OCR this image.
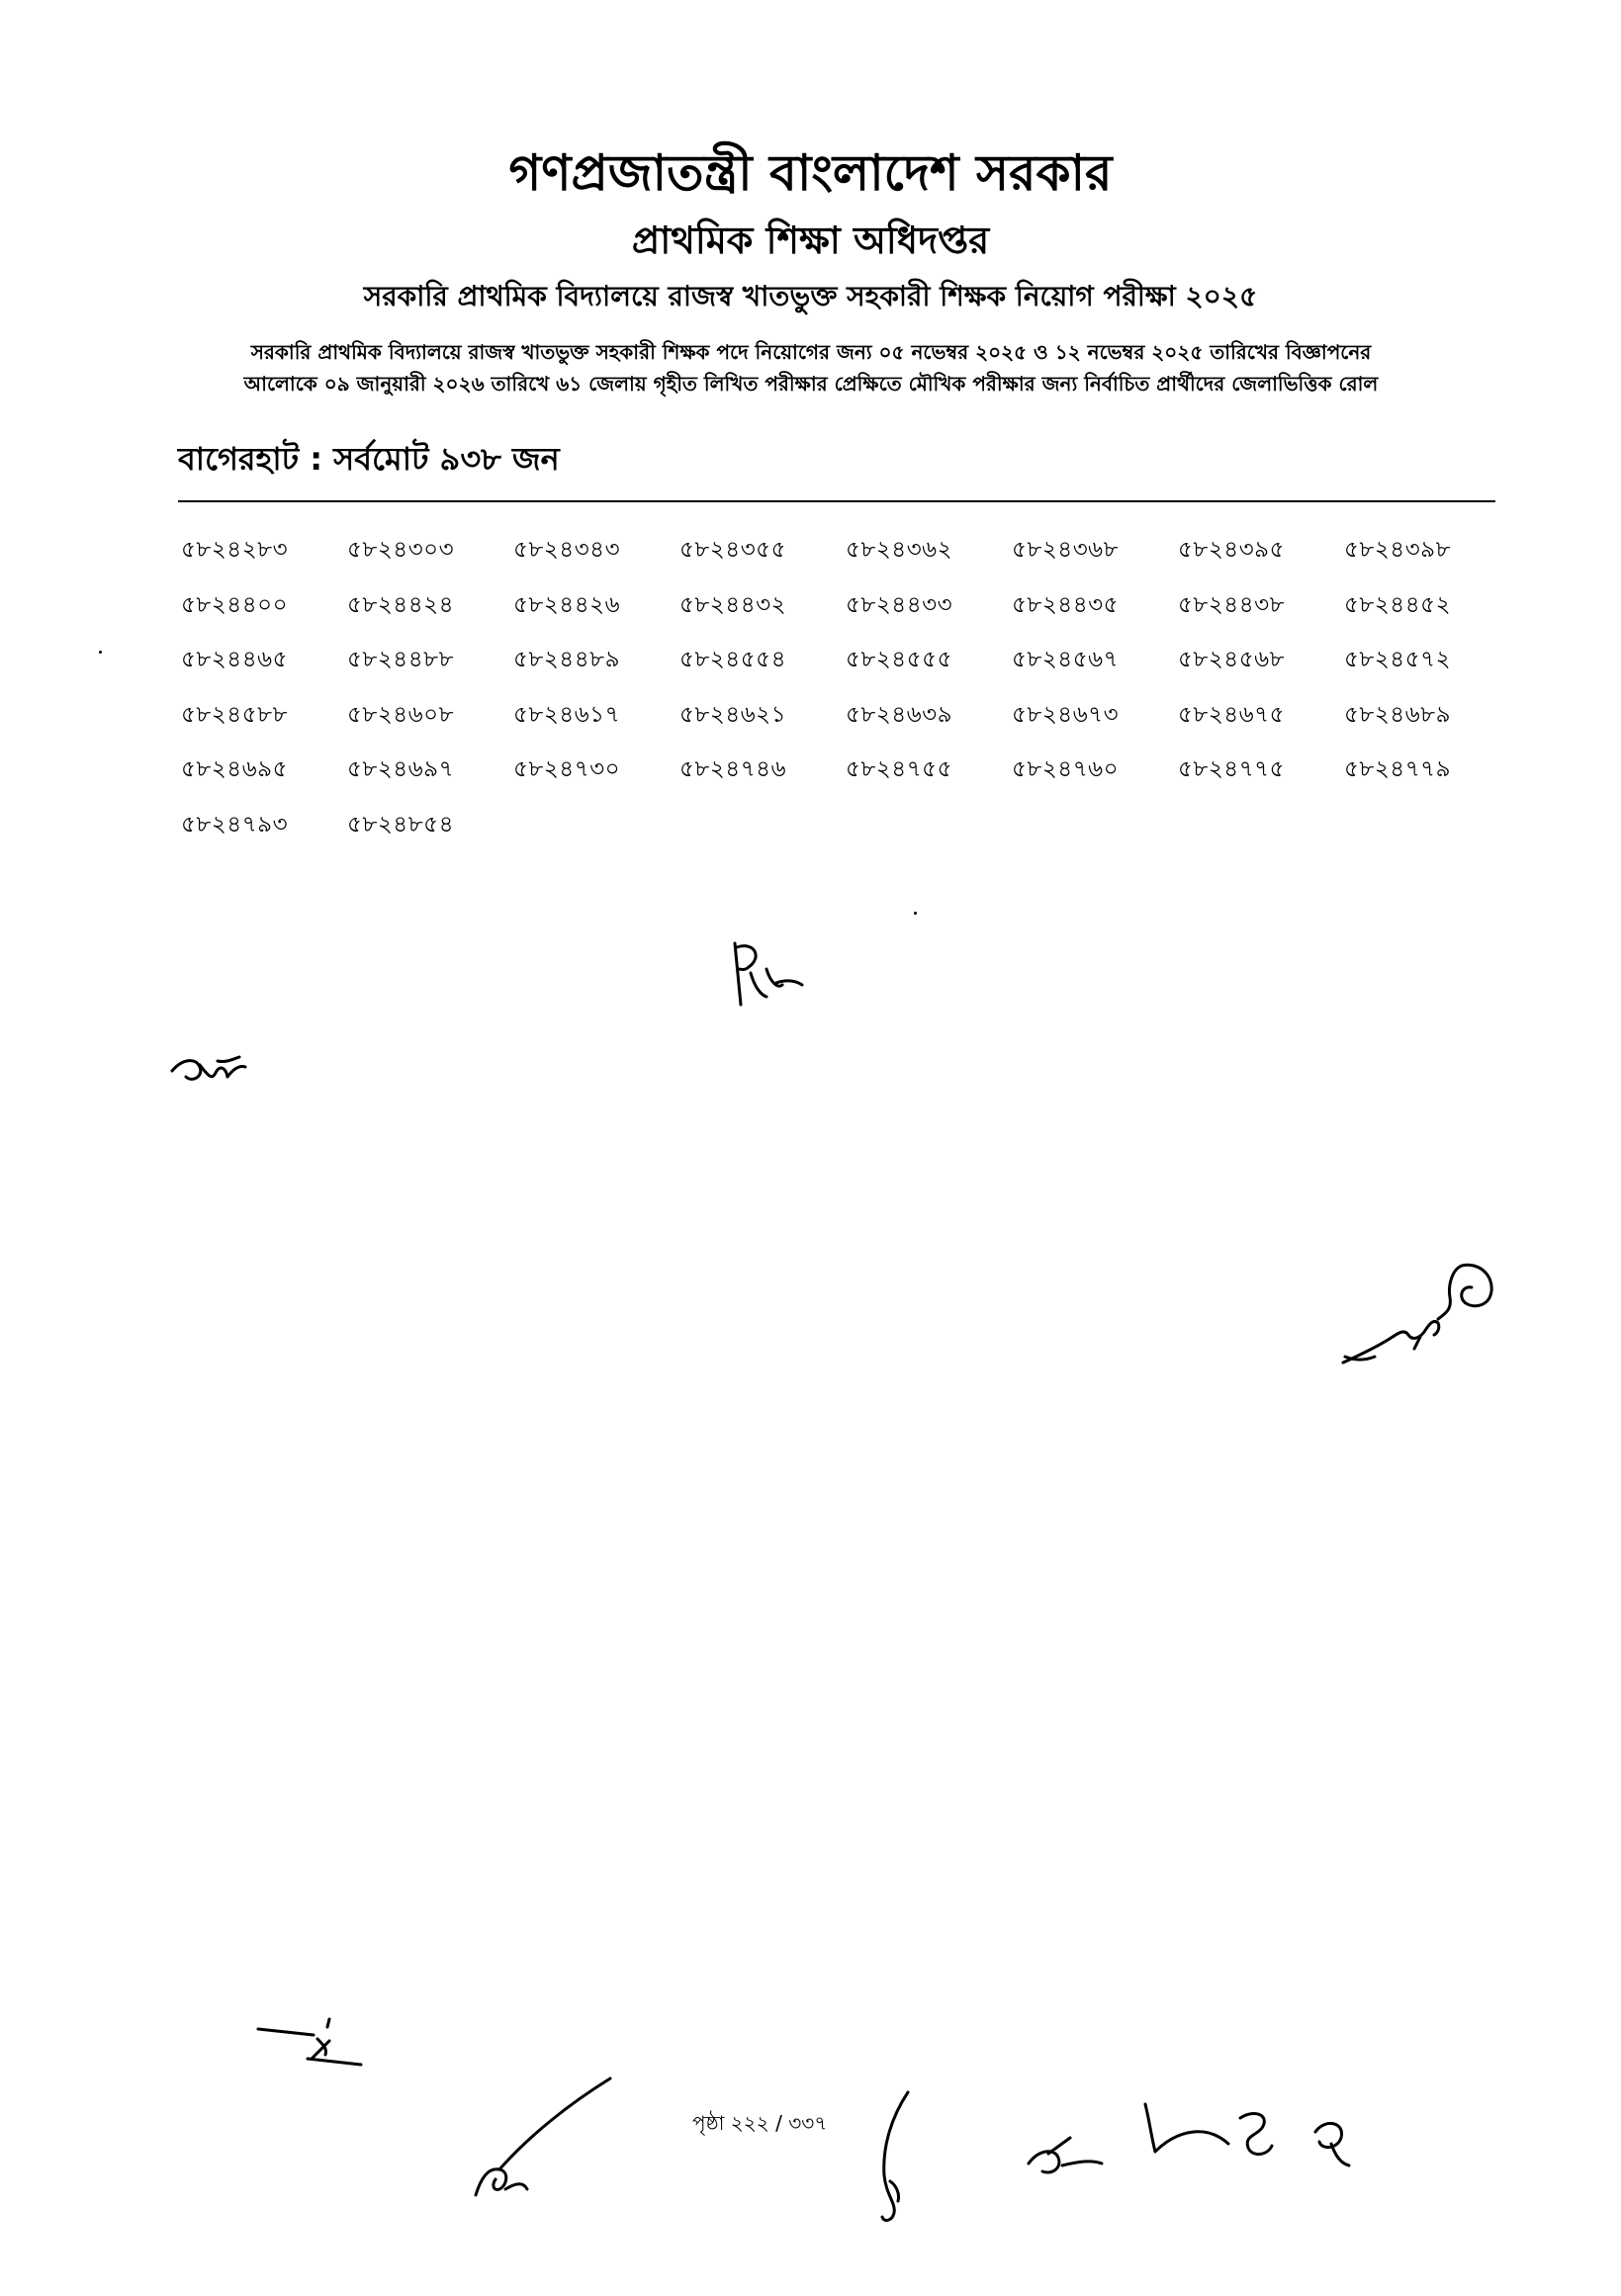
গণপ্রজাতন্ত্রী বাংলাদেশ সরকার
প্রাথমিক শিক্ষা অধিদপ্তর
সরকারি প্রাথমিক বিদ্যালয়ে রাজস্ব খাতভুক্ত সহকারী শিক্ষক নিয়োগ পরীক্ষা ২০২৫
সরকারি প্রাথমিক বিদ্যালয়ে রাজস্ব খাতভুক্ত সহকারী শিক্ষক পদে নিয়োগের জন্য ০৫ নভেম্বর ২০২৫ ও ১২ নভেম্বর ২০২৫ তারিখের বিজ্ঞাপনের
আলোকে ০৯ জানুয়ারী ২০২৬ তারিখে ৬১ জেলায় গৃহীত লিখিত পরীক্ষার প্রেক্ষিতে মৌখিক পরীক্ষার জন্য নির্বাচিত প্রার্থীদের জেলাভিত্তিক রোল
বাগেরহাট : সর্বমোট ৯৩৮ জন
৫৮২৪২৮৩	৫৮২৪৩০৩	৫৮২৪৩৪৩	৫৮২৪৩৫৫	৫৮২৪৩৬২	৫৮২৪৩৬৮	৫৮২৪৩৯৫	৫৮২৪৩৯৮
৫৮২৪৪০০	৫৮২৪৪২৪	৫৮২৪৪২৬	৫৮২৪৪৩২	৫৮২৪৪৩৩	৫৮২৪৪৩৫	৫৮২৪৪৩৮	৫৮২৪৪৫২
৫৮২৪৪৬৫	৫৮২৪৪৮৮	৫৮২৪৪৮৯	৫৮২৪৫৫৪	৫৮২৪৫৫৫	৫৮২৪৫৬৭	৫৮২৪৫৬৮	৫৮২৪৫৭২
৫৮২৪৫৮৮	৫৮২৪৬০৮	৫৮২৪৬১৭	৫৮২৪৬২১	৫৮২৪৬৩৯	৫৮২৪৬৭৩	৫৮২৪৬৭৫	৫৮২৪৬৮৯
৫৮২৪৬৯৫	৫৮২৪৬৯৭	৫৮২৪৭৩০	৫৮২৪৭৪৬	৫৮২৪৭৫৫	৫৮২৪৭৬০	৫৮২৪৭৭৫	৫৮২৪৭৭৯
৫৮২৪৭৯৩	৫৮২৪৮৫৪
পৃষ্ঠা ২২২ / ৩৩৭
